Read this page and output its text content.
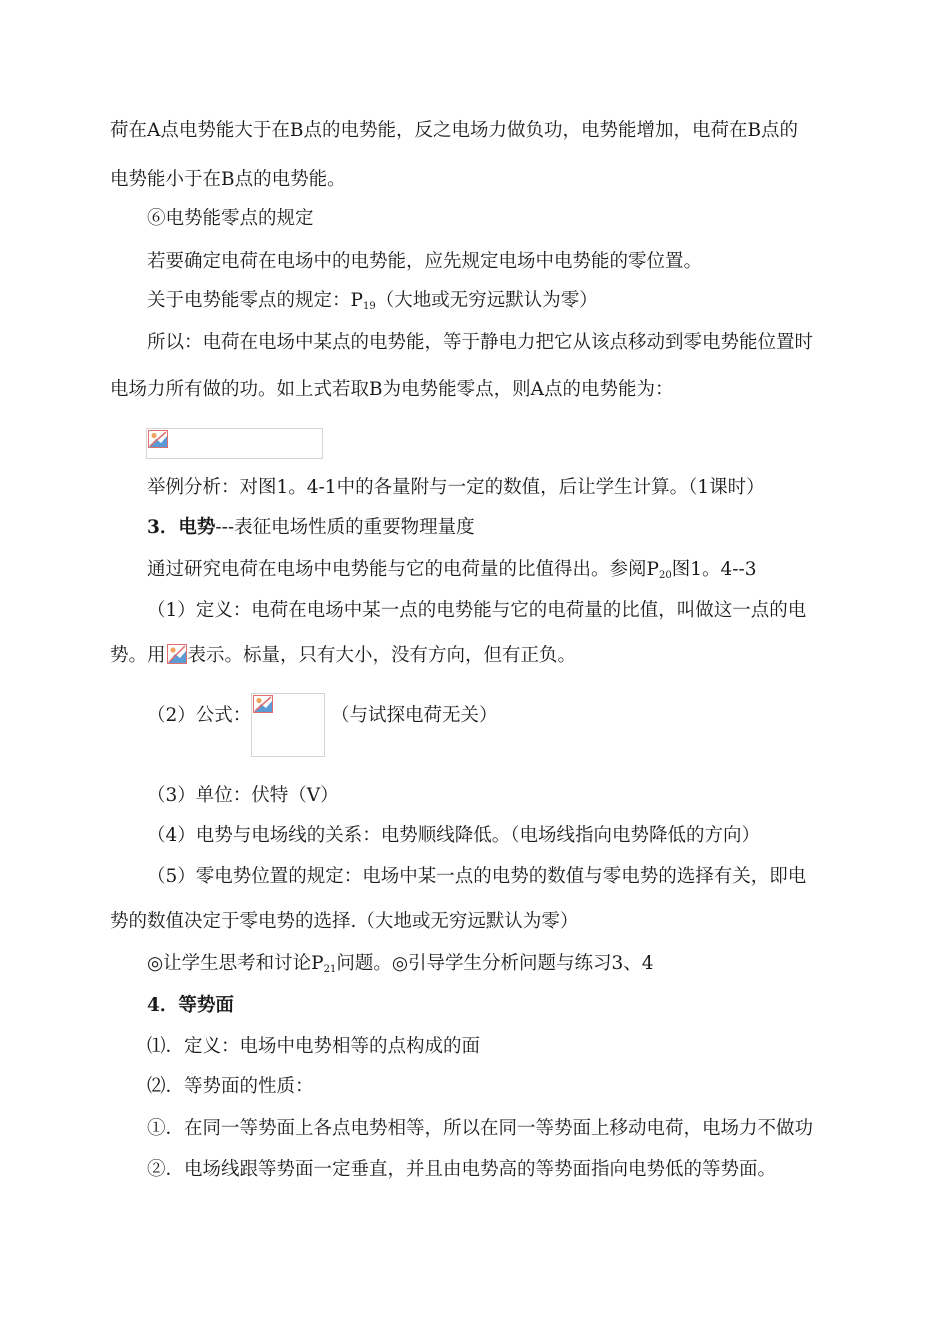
荷在A点电势能大于在B点的电势能，反之电场力做负功，电势能增加，电荷在B点的
电势能小于在B点的电势能。
⑥电势能零点的规定
若要确定电荷在电场中的电势能，应先规定电场中电势能的零位置。
关于电势能零点的规定：$P_{19}$（大地或无穷远默认为零）
所以：电荷在电场中某点的电势能，等于静电力把它从该点移动到零电势能位置时
电场力所有做的功。如上式若取B为电势能零点，则A点的电势能为：
举例分析：对图1。4-1中的各量附与一定的数值，后让学生计算。（1课时）
3．电势---表征电场性质的重要物理量度
通过研究电荷在电场中电势能与它的电荷量的比值得出。参阅$P_{20}$图1。4--3
（1）定义：电荷在电场中某一点的电势能与它的电荷量的比值，叫做这一点的电
势。用 表示。标量，只有大小，没有方向，但有正负。
（2）公式：	（与试探电荷无关）
（3）单位：伏特（V）
（4）电势与电场线的关系：电势顺线降低。（电场线指向电势降低的方向）
（5）零电势位置的规定：电场中某一点的电势的数值与零电势的选择有关，即电
势的数值决定于零电势的选择.（大地或无穷远默认为零）
◎让学生思考和讨论$P_{21}$问题。◎引导学生分析问题与练习3、4
4．等势面
⑴．定义：电场中电势相等的点构成的面
⑵．等势面的性质：
①．在同一等势面上各点电势相等，所以在同一等势面上移动电荷，电场力不做功
②．电场线跟等势面一定垂直，并且由电势高的等势面指向电势低的等势面。
